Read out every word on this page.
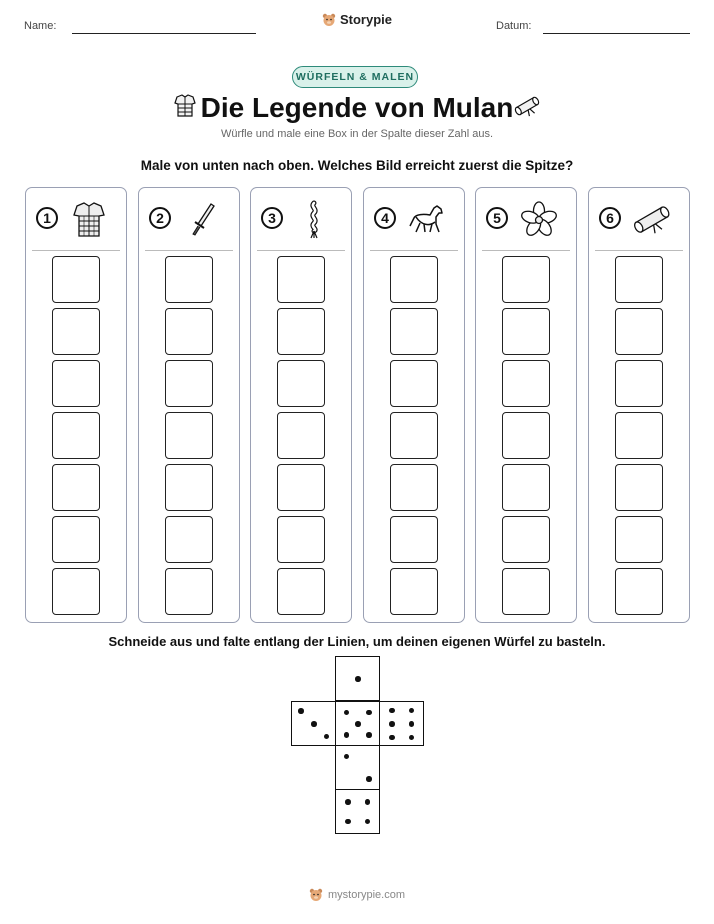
Name:	Storypie	Datum:
WÜRFELN & MALEN
Die Legende von Mulan
Würfle und male eine Box in der Spalte dieser Zahl aus.
Male von unten nach oben. Welches Bild erreicht zuerst die Spitze?
1	2	3	4	5	6
Schneide aus und falte entlang der Linien, um deinen eigenen Würfel zu basteln.
mystorypie.com
